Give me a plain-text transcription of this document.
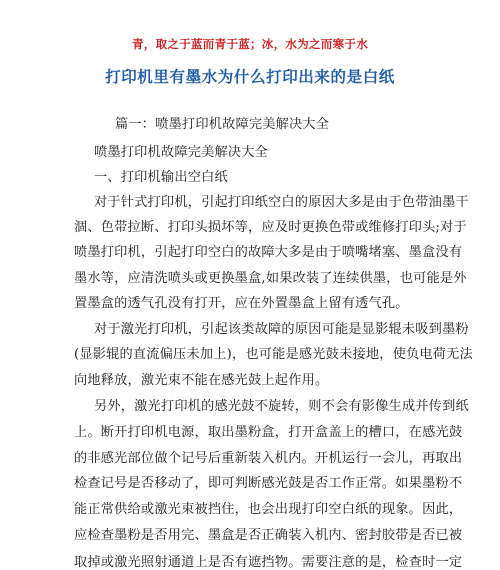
青，取之于蓝而青于蓝；冰，水为之而寒于水
打印机里有墨水为什么打印出来的是白纸
篇一：喷墨打印机故障完美解决大全
喷墨打印机故障完美解决大全
一、打印机输出空白纸
对于针式打印机，引起打印纸空白的原因大多是由于色带油墨干
涸、色带拉断、打印头损坏等，应及时更换色带或维修打印头;对于
喷墨打印机，引起打印空白的故障大多是由于喷嘴堵塞、墨盒没有
墨水等，应清洗喷头或更换墨盒,如果改装了连续供墨，也可能是外
置墨盒的透气孔没有打开，应在外置墨盒上留有透气孔。
对于激光打印机，引起该类故障的原因可能是显影辊未吸到墨粉
(显影辊的直流偏压未加上)，也可能是感光鼓未接地，使负电荷无法
向地释放，激光束不能在感光鼓上起作用。
另外，激光打印机的感光鼓不旋转，则不会有影像生成并传到纸
上。断开打印机电源，取出墨粉盒，打开盒盖上的槽口，在感光鼓
的非感光部位做个记号后重新装入机内。开机运行一会儿，再取出
检查记号是否移动了，即可判断感光鼓是否工作正常。如果墨粉不
能正常供给或激光束被挡住，也会出现打印空白纸的现象。因此，
应检查墨粉是否用完、墨盒是否正确装入机内、密封胶带是否已被
取掉或激光照射通道上是否有遮挡物。需要注意的是，检查时一定
